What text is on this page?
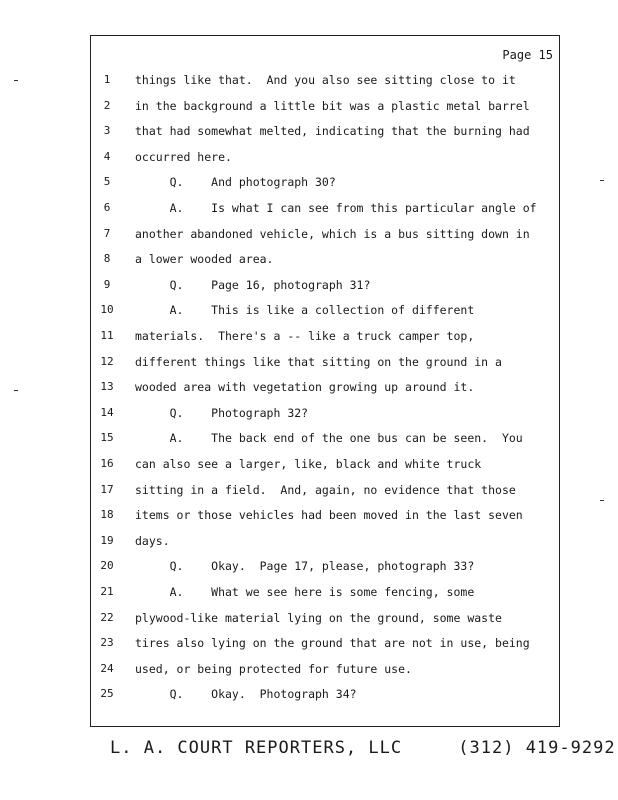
Page 15
1	things like that.  And you also see sitting close to it
2	in the background a little bit was a plastic metal barrel
3	that had somewhat melted, indicating that the burning had
4	occurred here.
5	Q.    And photograph 30?
6	A.    Is what I can see from this particular angle of
7	another abandoned vehicle, which is a bus sitting down in
8	a lower wooded area.
9	Q.    Page 16, photograph 31?
10 A.    This is like a collection of different
11 materials.  There's a -- like a truck camper top,
12 different things like that sitting on the ground in a
13 wooded area with vegetation growing up around it.
14 Q.    Photograph 32?
15 A.    The back end of the one bus can be seen.  You
16 can also see a larger, like, black and white truck
17 sitting in a field.  And, again, no evidence that those
18 items or those vehicles had been moved in the last seven
19 days.
20 Q.    Okay.  Page 17, please, photograph 33?
21 A.    What we see here is some fencing, some
22 plywood-like material lying on the ground, some waste
23 tires also lying on the ground that are not in use, being
24 used, or being protected for future use.
25 Q.    Okay.  Photograph 34?
L. A. COURT REPORTERS, LLC     (312) 419-9292
